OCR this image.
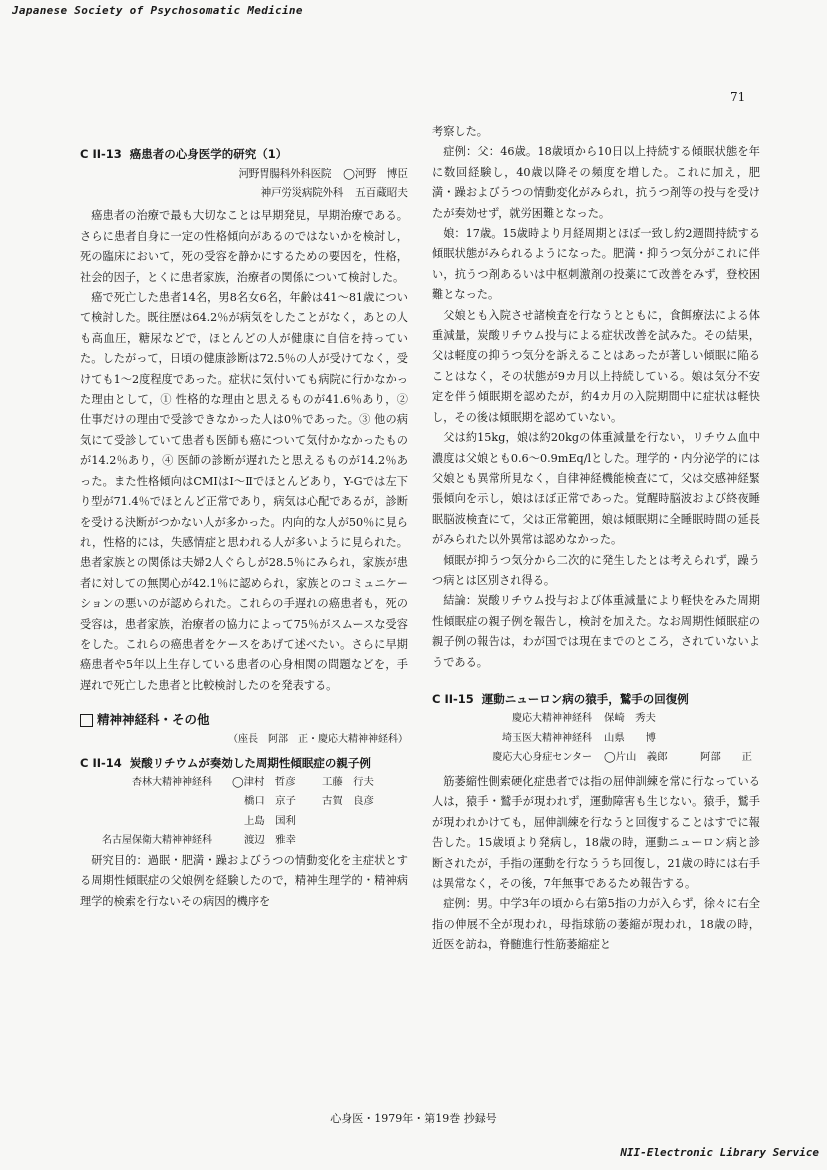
Japanese Society of Psychosomatic Medicine
71
C II-13 癌患者の心身医学的研究（1）
河野胃腸科外科医院 ◯河野　博臣
神戸労災病院外科 五百蔵昭夫

癌患者の治療で最も大切なことは早期発見，早期治療である。さらに患者自身に一定の性格傾向があるのではないかを検討し，死の臨床において，死の受容を静かにするための要因を，性格，社会的因子，とくに患者家族，治療者の関係について検討した。

癌で死亡した患者14名，男8名女6名，年齢は41～81歳について検討した。既往歴は64.2％が病気をしたことがなく，あとの人も高血圧，糖尿などで，ほとんどの人が健康に自信を持っていた。したがって，日頃の健康診断は72.5％の人が受けてなく，受けても1～2度程度であった。症状に気付いても病院に行かなかった理由として，① 性格的な理由と思えるものが41.6％あり，② 仕事だけの理由で受診できなかった人は0％であった。③ 他の病気にて受診していて患者も医師も癌について気付かなかったものが14.2％あり，④ 医師の診断が遅れたと思えるものが14.2％あった。また性格傾向はCMIはⅠ～Ⅱでほとんどあり，Y-Gでは左下り型が71.4％でほとんど正常であり，病気は心配であるが，診断を受ける決断がつかない人が多かった。内向的な人が50％に見られ，性格的には，失感情症と思われる人が多いように見られた。患者家族との関係は夫婦2人ぐらしが28.5％にみられ，家族が患者に対しての無関心が42.1％に認められ，家族とのコミュニケーションの悪いのが認められた。これらの手遅れの癌患者も，死の受容は，患者家族，治療者の協力によって75％がスムースな受容をした。これらの癌患者をケースをあげて述べたい。さらに早期癌患者や5年以上生存している患者の心身相関の問題などを，手遅れで死亡した患者と比較検討したのを発表する。

精神神経科・その他
（座長　阿部　正・慶応大精神神経科）
C II-14 炭酸リチウムが奏効した周期性傾眠症の親子例
杏林大精神神経科	◯津村　哲彦	工藤　行夫
橋口　京子	古賀　良彦
上島　国利
名古屋保衛大精神神経科	渡辺　雅幸

研究目的：過眠・肥満・躁およびうつの情動変化を主症状とする周期性傾眠症の父娘例を経験したので，精神生理学的・精神病理学的検索を行ないその病因的機序を

考察した。

症例：父：46歳。18歳頃から10日以上持続する傾眠状態を年に数回経験し，40歳以降その頻度を増した。これに加え，肥満・躁およびうつの情動変化がみられ，抗うつ剤等の投与を受けたが奏効せず，就労困難となった。

娘：17歳。15歳時より月経周期とほぼ一致し約2週間持続する傾眠状態がみられるようになった。肥満・抑うつ気分がこれに伴い，抗うつ剤あるいは中枢刺激剤の投薬にて改善をみず，登校困難となった。

父娘とも入院させ諸検査を行なうとともに，食餌療法による体重減量，炭酸リチウム投与による症状改善を試みた。その結果，父は軽度の抑うつ気分を訴えることはあったが著しい傾眠に陥ることはなく，その状態が9カ月以上持続している。娘は気分不安定を伴う傾眠期を認めたが，約4カ月の入院期間中に症状は軽快し，その後は傾眠期を認めていない。

父は約15kg，娘は約20kgの体重減量を行ない，リチウム血中濃度は父娘とも0.6～0.9mEq/lとした。理学的・内分泌学的には父娘とも異常所見なく，自律神経機能検査にて，父は交感神経緊張傾向を示し，娘はほぼ正常であった。覚醒時脳波および終夜睡眠脳波検査にて，父は正常範囲，娘は傾眠期に全睡眠時間の延長がみられた以外異常は認めなかった。

傾眠が抑うつ気分から二次的に発生したとは考えられず，躁うつ病とは区別され得る。

結論：炭酸リチウム投与および体重減量により軽快をみた周期性傾眠症の親子例を報告し，検討を加えた。なお周期性傾眠症の親子例の報告は，わが国では現在までのところ，されていないようである。

C II-15 運動ニューロン病の猿手，鷲手の回復例
慶応大精神神経科	保崎　秀夫
埼玉医大精神神経科	山県　　博
慶応大心身症センター	◯片山　義郎	阿部　　正

筋萎縮性側索硬化症患者では指の屈伸訓練を常に行なっている人は，猿手・鷲手が現われず，運動障害も生じない。猿手，鷲手が現われかけても，屈伸訓練を行なうと回復することはすでに報告した。15歳頃より発病し，18歳の時，運動ニューロン病と診断されたが，手指の運動を行なううち回復し，21歳の時には右手は異常なく，その後，7年無事であるため報告する。

症例：男。中学3年の頃から右第5指の力が入らず，徐々に右全指の伸展不全が現われ，母指球筋の萎縮が現われ，18歳の時，近医を訪ね，脊髄進行性筋萎縮症と

心身医・1979年・第19巻 抄録号
NII-Electronic Library Service
